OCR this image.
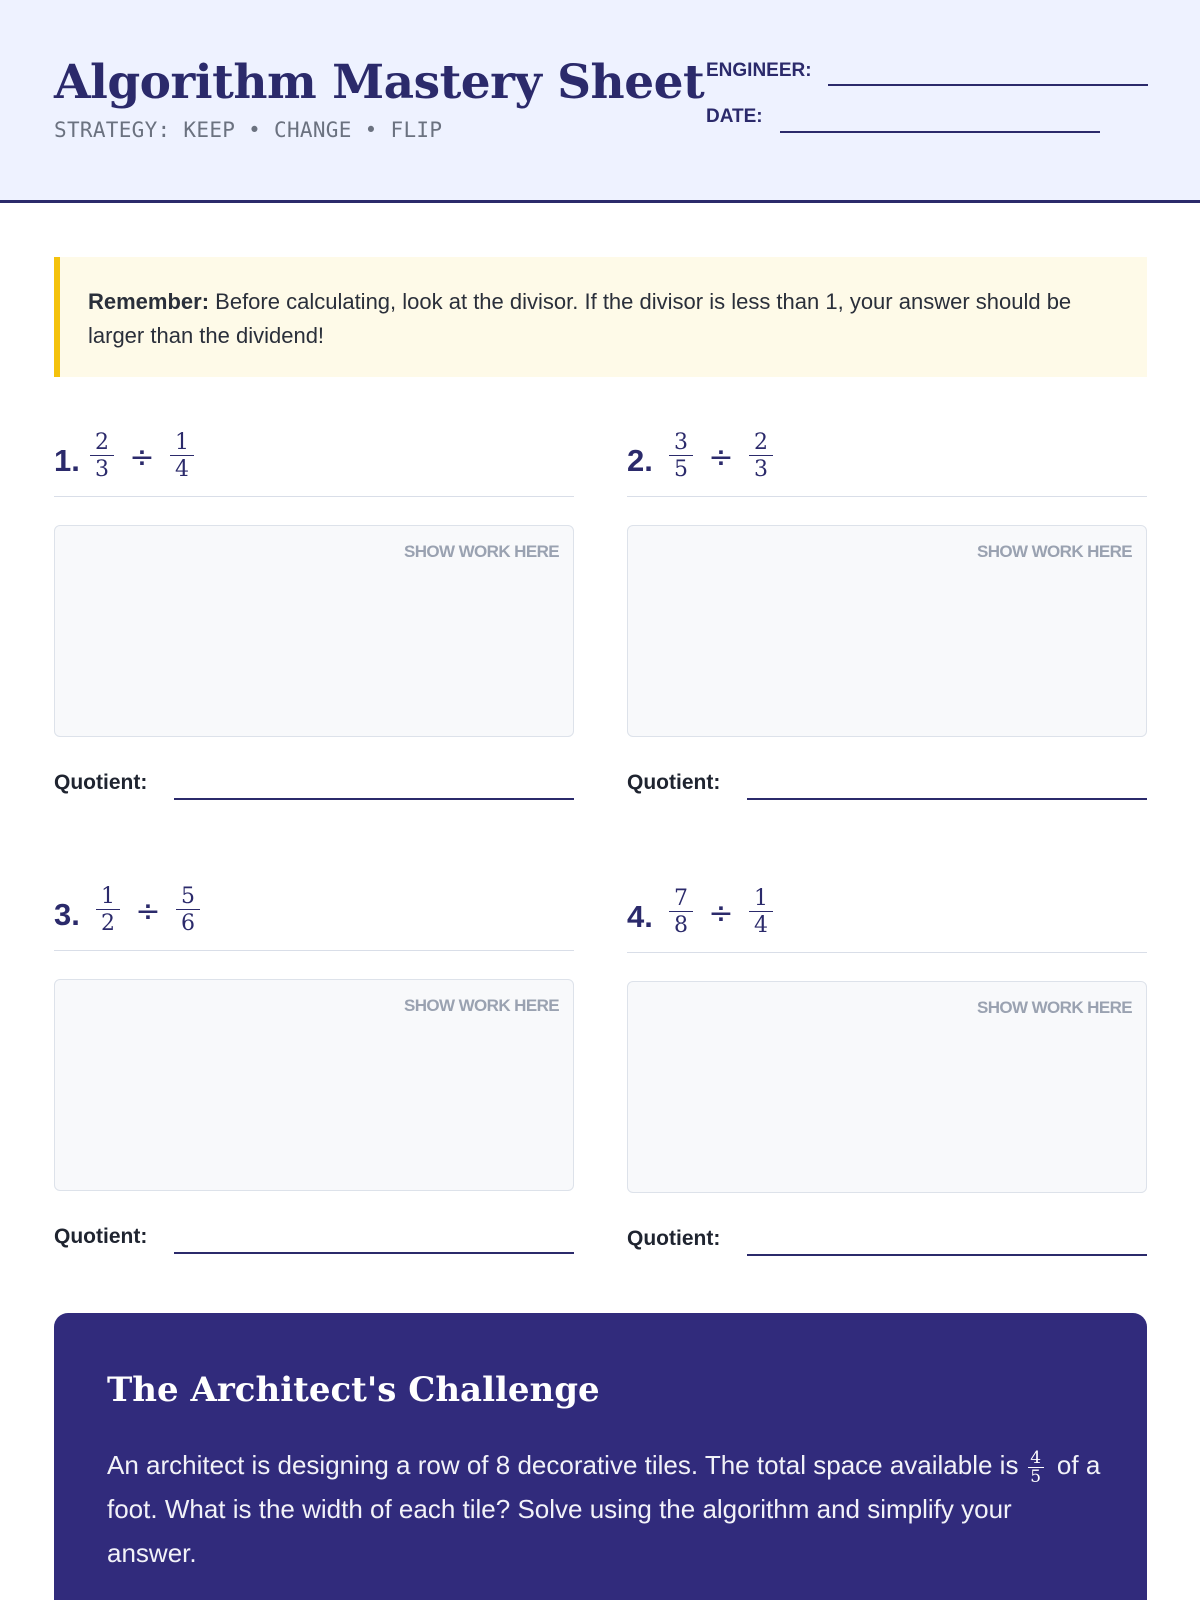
Algorithm Mastery Sheet
STRATEGY: KEEP • CHANGE • FLIP
ENGINEER:
DATE:
Remember: Before calculating, look at the divisor. If the divisor is less than 1, your answer should be larger than the dividend!
1. $\frac{2}{3} \div \frac{1}{4}$
SHOW WORK HERE
Quotient:
2. $\frac{3}{5} \div \frac{2}{3}$
SHOW WORK HERE
Quotient:
3. $\frac{1}{2} \div \frac{5}{6}$
SHOW WORK HERE
Quotient:
4. $\frac{7}{8} \div \frac{1}{4}$
SHOW WORK HERE
Quotient:
The Architect's Challenge
An architect is designing a row of 8 decorative tiles. The total space available is $\frac{4}{5}$ of a foot. What is the width of each tile? Solve using the algorithm and simplify your answer.
